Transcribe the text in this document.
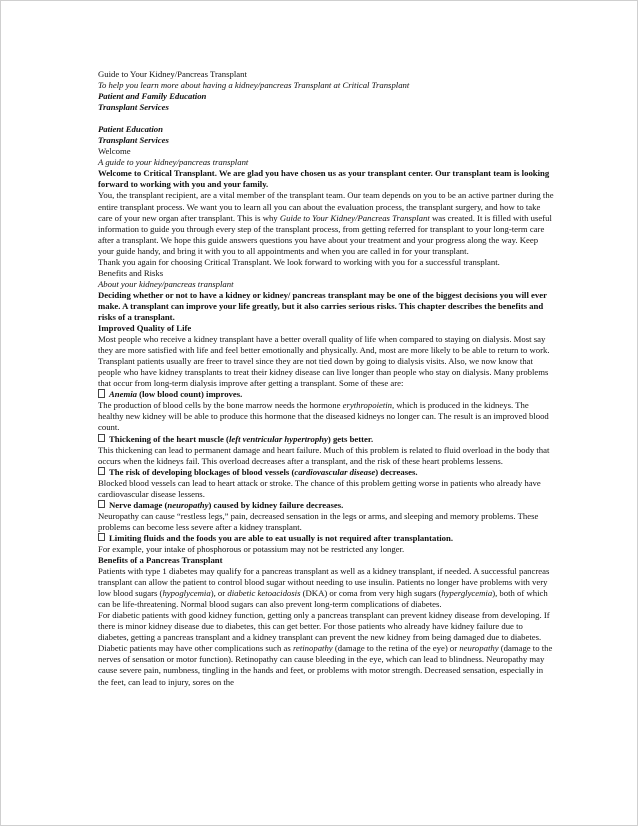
Guide to Your Kidney/Pancreas Transplant

To help you learn more about having a kidney/pancreas Transplant at Critical Transplant

Patient and Family Education

Transplant Services

Patient Education

Transplant Services

Welcome

A guide to your kidney/pancreas transplant

Welcome to Critical Transplant. We are glad you have chosen us as your transplant center. Our transplant team is looking forward to working with you and your family.

You, the transplant recipient, are a vital member of the transplant team. Our team depends on you to be an active partner during the entire transplant process. We want you to learn all you can about the evaluation process, the transplant surgery, and how to take care of your new organ after transplant. This is why Guide to Your Kidney/Pancreas Transplant was created. It is filled with useful information to guide you through every step of the transplant process, from getting referred for transplant to your long-term care after a transplant. We hope this guide answers questions you have about your treatment and your progress along the way. Keep your guide handy, and bring it with you to all appointments and when you are called in for your transplant.

Thank you again for choosing Critical Transplant. We look forward to working with you for a successful transplant.

Benefits and Risks

About your kidney/pancreas transplant

Deciding whether or not to have a kidney or kidney/ pancreas transplant may be one of the biggest decisions you will ever make. A transplant can improve your life greatly, but it also carries serious risks. This chapter describes the benefits and risks of a transplant.

Improved Quality of Life

Most people who receive a kidney transplant have a better overall quality of life when compared to staying on dialysis. Most say they are more satisfied with life and feel better emotionally and physically. And, most are more likely to be able to return to work. Transplant patients usually are freer to travel since they are not tied down by going to dialysis visits. Also, we now know that people who have kidney transplants to treat their kidney disease can live longer than people who stay on dialysis. Many problems that occur from long-term dialysis improve after getting a transplant. Some of these are:

Anemia (low blood count) improves.

The production of blood cells by the bone marrow needs the hormone erythropoietin, which is produced in the kidneys. The healthy new kidney will be able to produce this hormone that the diseased kidneys no longer can. The result is an improved blood count.

Thickening of the heart muscle (left ventricular hypertrophy) gets better.

This thickening can lead to permanent damage and heart failure. Much of this problem is related to fluid overload in the body that occurs when the kidneys fail. This overload decreases after a transplant, and the risk of these heart problems lessens.

The risk of developing blockages of blood vessels (cardiovascular disease) decreases.

Blocked blood vessels can lead to heart attack or stroke. The chance of this problem getting worse in patients who already have cardiovascular disease lessens.

Nerve damage (neuropathy) caused by kidney failure decreases.

Neuropathy can cause “restless legs,” pain, decreased sensation in the legs or arms, and sleeping and memory problems. These problems can become less severe after a kidney transplant.

Limiting fluids and the foods you are able to eat usually is not required after transplantation.

For example, your intake of phosphorous or potassium may not be restricted any longer.

Benefits of a Pancreas Transplant

Patients with type 1 diabetes may qualify for a pancreas transplant as well as a kidney transplant, if needed. A successful pancreas transplant can allow the patient to control blood sugar without needing to use insulin. Patients no longer have problems with very low blood sugars (hypoglycemia), or diabetic ketoacidosis (DKA) or coma from very high sugars (hyperglycemia), both of which can be life-threatening. Normal blood sugars can also prevent long-term complications of diabetes.

For diabetic patients with good kidney function, getting only a pancreas transplant can prevent kidney disease from developing. If there is minor kidney disease due to diabetes, this can get better. For those patients who already have kidney failure due to diabetes, getting a pancreas transplant and a kidney transplant can prevent the new kidney from being damaged due to diabetes. Diabetic patients may have other complications such as retinopathy (damage to the retina of the eye) or neuropathy (damage to the nerves of sensation or motor function). Retinopathy can cause bleeding in the eye, which can lead to blindness. Neuropathy may cause severe pain, numbness, tingling in the hands and feet, or problems with motor strength. Decreased sensation, especially in the feet, can lead to injury, sores on the
